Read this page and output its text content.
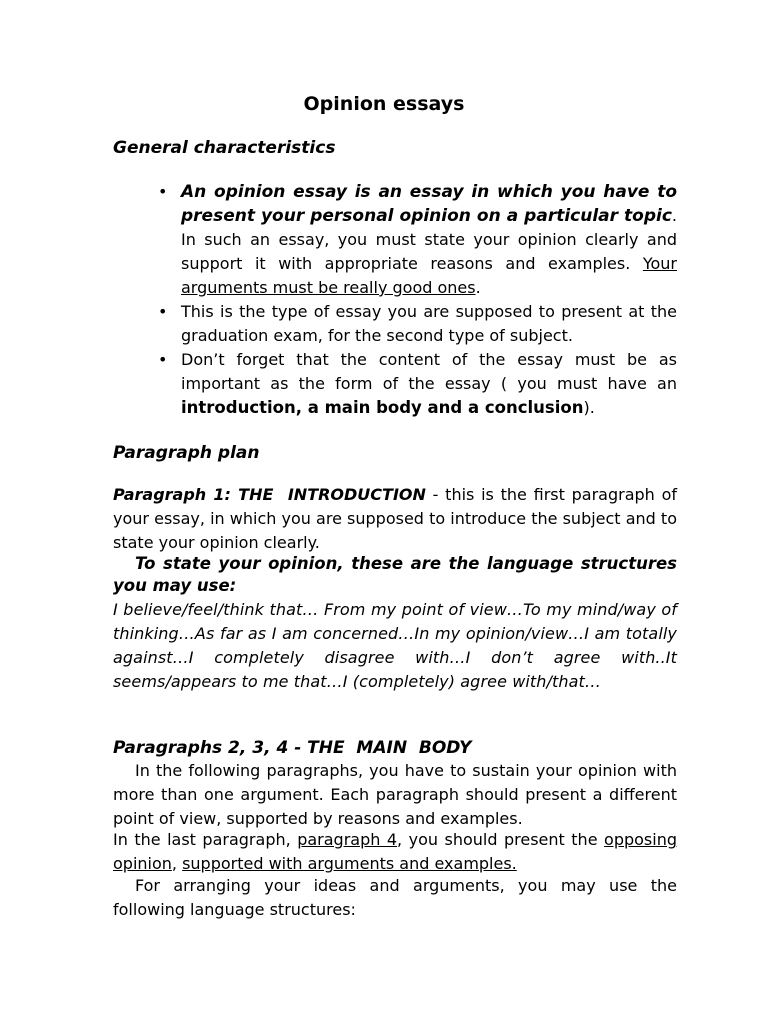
Opinion essays
General characteristics
• An opinion essay is an essay in which you have to present your personal opinion on a particular topic. In such an essay, you must state your opinion clearly and support it with appropriate reasons and examples. Your arguments must be really good ones.
• This is the type of essay you are supposed to present at the graduation exam, for the second type of subject.
• Don’t forget that the content of the essay must be as important as the form of the essay ( you must have an introduction, a main body and a conclusion).
Paragraph plan
Paragraph 1: THE  INTRODUCTION - this is the first paragraph of your essay, in which you are supposed to introduce the subject and to state your opinion clearly.
To state your opinion, these are the language structures you may use:
I believe/feel/think that… From my point of view…To my mind/way of thinking…As far as I am concerned…In my opinion/view…I am totally against…I completely disagree with…I don’t agree with..It seems/appears to me that…I (completely) agree with/that…
Paragraphs 2, 3, 4 - THE  MAIN  BODY
In the following paragraphs, you have to sustain your opinion with more than one argument. Each paragraph should present a different point of view, supported by reasons and examples.
In the last paragraph, paragraph 4, you should present the opposing opinion, supported with arguments and examples.
For arranging your ideas and arguments, you may use the following language structures:
